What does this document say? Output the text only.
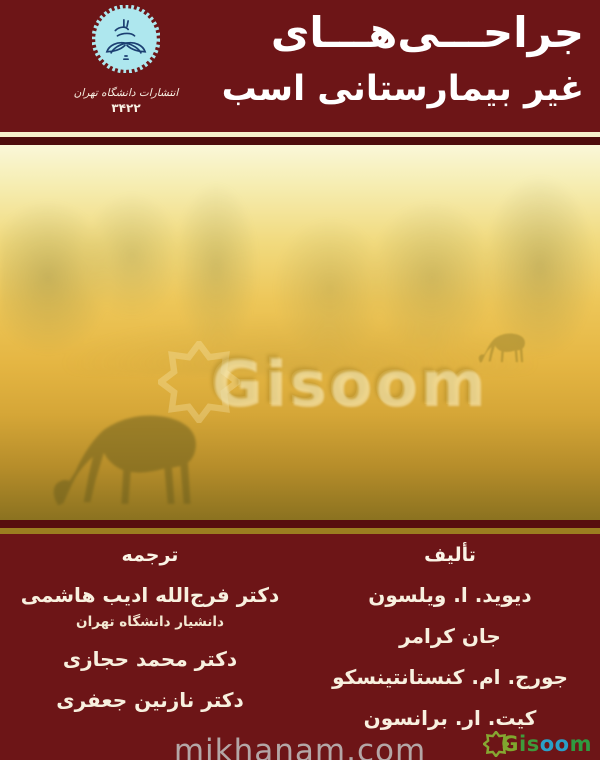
انتشارات دانشگاه تهران
۳۴۲۲
جراحـــی‌هـــای
غیر بیمارستانی اسب
Gisoom
ترجمه
دکتر فرج‌الله ادیب هاشمی
دانشیار دانشگاه تهران
دکتر محمد حجازی
دکتر نازنین جعفری
تألیف
دیوید. ا. ویلسون
جان کرامر
جورج. ام. کنستانتینسکو
کیت. ار. برانسون
mikhanam.com	G is oo m
